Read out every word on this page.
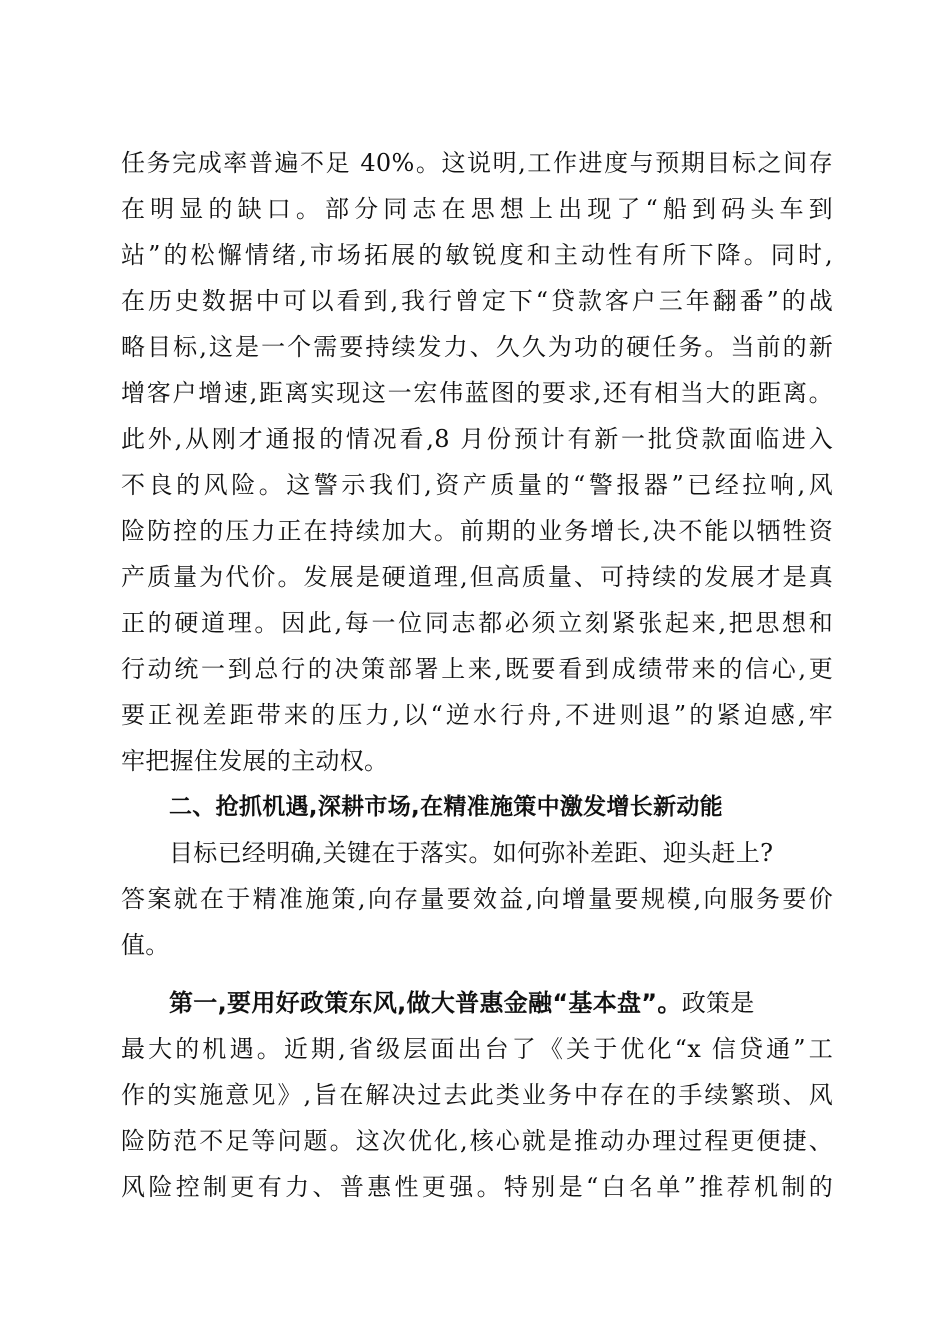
任务完成率普遍不足 40%。这说明,工作进度与预期目标之间存
在明显的缺口。部分同志在思想上出现了“船到码头车到
站”的松懈情绪,市场拓展的敏锐度和主动性有所下降。同时,
在历史数据中可以看到,我行曾定下“贷款客户三年翻番”的战
略目标,这是一个需要持续发力、久久为功的硬任务。当前的新
增客户增速,距离实现这一宏伟蓝图的要求,还有相当大的距离。
此外,从刚才通报的情况看,8 月份预计有新一批贷款面临进入
不良的风险。这警示我们,资产质量的“警报器”已经拉响,风
险防控的压力正在持续加大。前期的业务增长,决不能以牺牲资
产质量为代价。发展是硬道理,但高质量、可持续的发展才是真
正的硬道理。因此,每一位同志都必须立刻紧张起来,把思想和
行动统一到总行的决策部署上来,既要看到成绩带来的信心,更
要正视差距带来的压力,以“逆水行舟,不进则退”的紧迫感,牢
牢把握住发展的主动权。
二、抢抓机遇,深耕市场,在精准施策中激发增长新动能
目标已经明确,关键在于落实。如何弥补差距、迎头赶上?
答案就在于精准施策,向存量要效益,向增量要规模,向服务要价
值。
第一,要用好政策东风,做大普惠金融“基本盘”。政策是
最大的机遇。近期,省级层面出台了《关于优化“x 信贷通”工
作的实施意见》,旨在解决过去此类业务中存在的手续繁琐、风
险防范不足等问题。这次优化,核心就是推动办理过程更便捷、
风险控制更有力、普惠性更强。特别是“白名单”推荐机制的
